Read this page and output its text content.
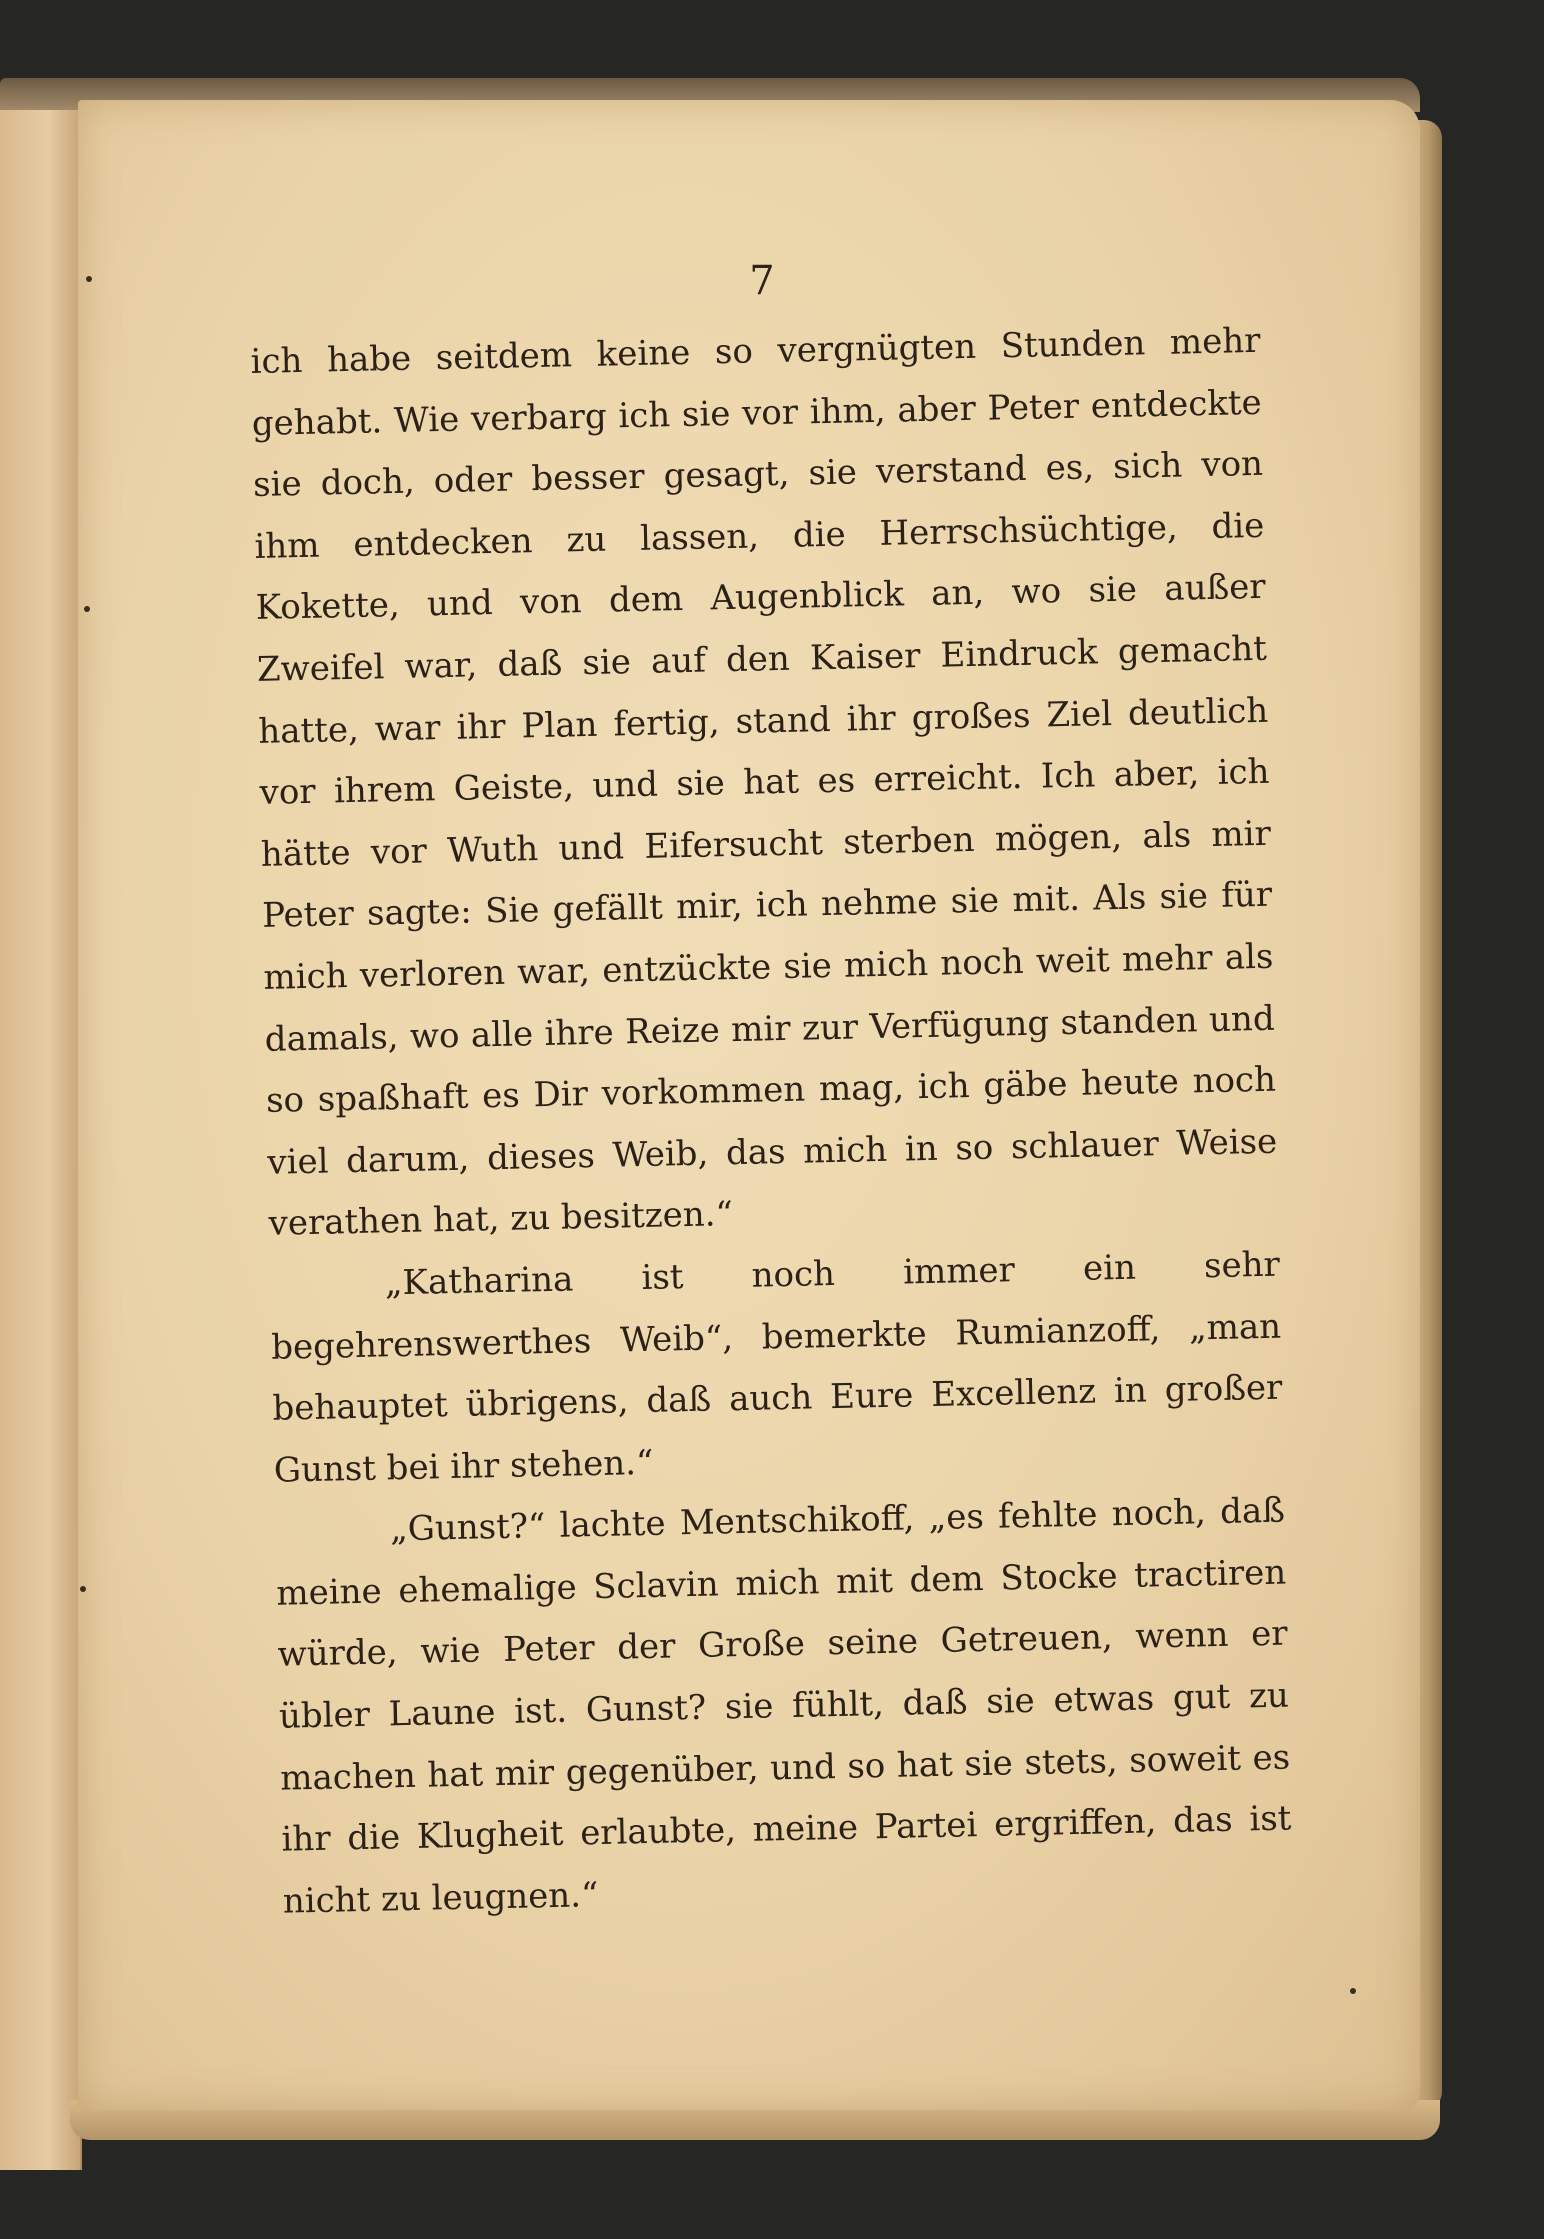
7

ich habe seitdem keine so vergnügten Stunden mehr gehabt. Wie verbarg ich sie vor ihm, aber Peter entdeckte sie doch, oder besser gesagt, sie verstand es, sich von ihm entdecken zu lassen, die Herrschsüchtige, die Kokette, und von dem Augenblick an, wo sie außer Zweifel war, daß sie auf den Kaiser Eindruck gemacht hatte, war ihr Plan fertig, stand ihr großes Ziel deutlich vor ihrem Geiste, und sie hat es erreicht. Ich aber, ich hätte vor Wuth und Eifersucht sterben mögen, als mir Peter sagte: Sie gefällt mir, ich nehme sie mit. Als sie für mich verloren war, entzückte sie mich noch weit mehr als damals, wo alle ihre Reize mir zur Verfügung standen und so spaßhaft es Dir vorkommen mag, ich gäbe heute noch viel darum, dieses Weib, das mich in so schlauer Weise verathen hat, zu besitzen.“

„Katharina ist noch immer ein sehr begehrenswerthes Weib“, bemerkte Rumianzoff, „man behauptet übrigens, daß auch Eure Excellenz in großer Gunst bei ihr stehen.“

„Gunst?“ lachte Mentschikoff, „es fehlte noch, daß meine ehemalige Sclavin mich mit dem Stocke tractiren würde, wie Peter der Große seine Getreuen, wenn er übler Laune ist. Gunst? sie fühlt, daß sie etwas gut zu machen hat mir gegenüber, und so hat sie stets, soweit es ihr die Klugheit erlaubte, meine Partei ergriffen, das ist nicht zu leugnen.“
